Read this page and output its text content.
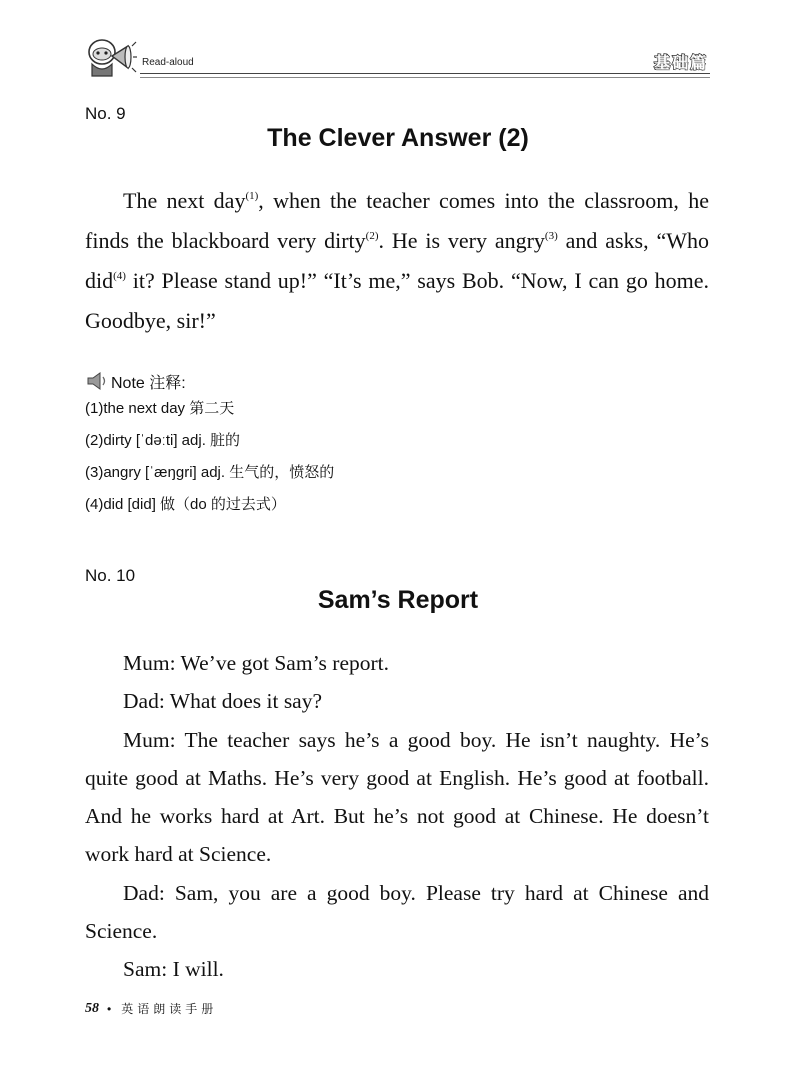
Read-aloud	基础篇
No. 9
The Clever Answer (2)

The next day$^{(1)}$, when the teacher comes into the classroom, he finds the blackboard very dirty$^{(2)}$. He is very angry$^{(3)}$ and asks, “Who did$^{(4)}$ it? Please stand up!” “It’s me,” says Bob. “Now, I can go home. Goodbye, sir!”

Note 注释:
(1)the next day 第二天
(2)dirty [ˈdəːti] adj. 脏的
(3)angry [ˈæŋgri] adj. 生气的，愤怒的
(4)did [did] 做（do 的过去式）
No. 10
Sam’s Report

Mum: We’ve got Sam’s report.

Dad: What does it say?

Mum: The teacher says he’s a good boy. He isn’t naughty. He’s quite good at Maths. He’s very good at English. He’s good at football. And he works hard at Art. But he’s not good at Chinese. He doesn’t work hard at Science.

Dad: Sam, you are a good boy. Please try hard at Chinese and Science.

Sam: I will.

58 • 英语朗读手册
